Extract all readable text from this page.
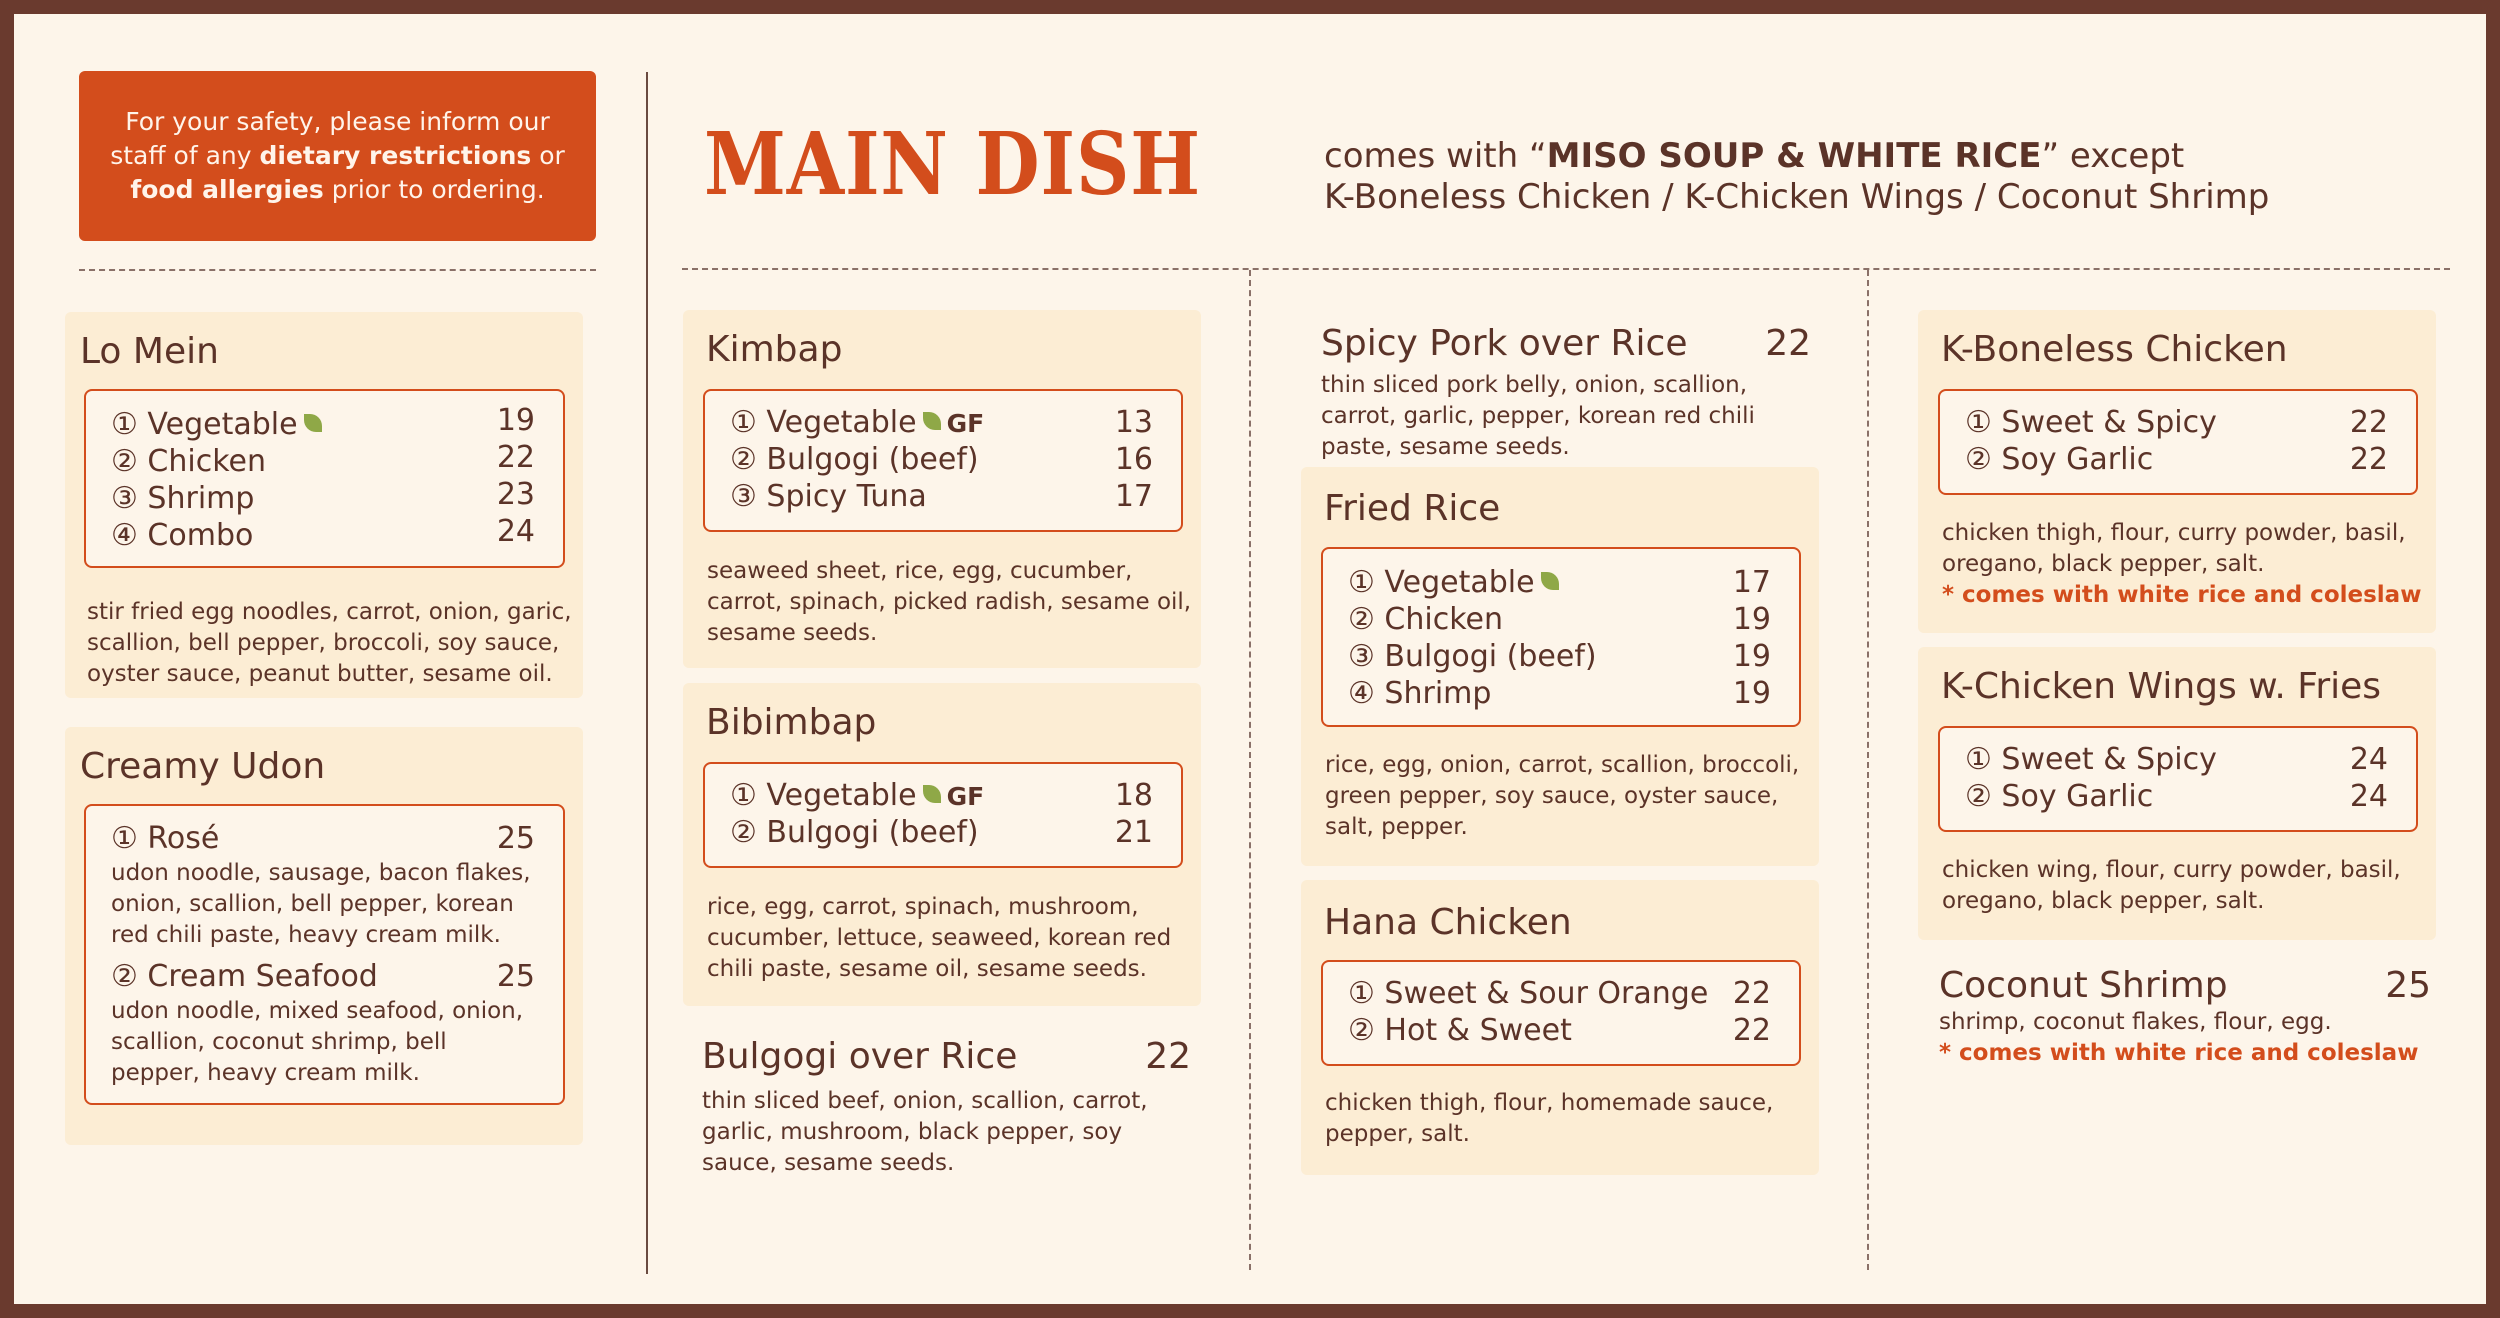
For your safety, please inform our
staff of any dietary restrictions or
food allergies prior to ordering. MAIN DISH	comes with “MISO SOUP & WHITE RICE” except
K-Boneless Chicken / K-Chicken Wings / Coconut Shrimp
Lo Mein
① Vegetable	19
② Chicken	22
③ Shrimp	23
④ Combo	24
stir fried egg noodles, carrot, onion, garic, scallion, bell pepper, broccoli, soy sauce, oyster sauce, peanut butter, sesame oil.
Creamy Udon
① Rosé	25
udon noodle, sausage, bacon flakes, onion, scallion, bell pepper, korean red chili paste, heavy cream milk.
② Cream Seafood	25
udon noodle, mixed seafood, onion, scallion, coconut shrimp, bell pepper, heavy cream milk.
Kimbap
① Vegetable GF	13
② Bulgogi (beef)	16
③ Spicy Tuna	17
seaweed sheet, rice, egg, cucumber, carrot, spinach, picked radish, sesame oil, sesame seeds.
Bibimbap
① Vegetable GF	18
② Bulgogi (beef)	21
rice, egg, carrot, spinach, mushroom, cucumber, lettuce, seaweed, korean red chili paste, sesame oil, sesame seeds.
Bulgogi over Rice	22
thin sliced beef, onion, scallion, carrot, garlic, mushroom, black pepper, soy sauce, sesame seeds.
Spicy Pork over Rice 22
thin sliced pork belly, onion, scallion, carrot, garlic, pepper, korean red chili paste, sesame seeds.
Fried Rice
① Vegetable	17
② Chicken	19
③ Bulgogi (beef)	19
④ Shrimp	19
rice, egg, onion, carrot, scallion, broccoli, green pepper, soy sauce, oyster sauce, salt, pepper.
Hana Chicken
① Sweet & Sour Orange 22
② Hot & Sweet	22
chicken thigh, flour, homemade sauce, pepper, salt.
K-Boneless Chicken
① Sweet & Spicy	22
② Soy Garlic	22
chicken thigh, flour, curry powder, basil, oregano, black pepper, salt.
* comes with white rice and coleslaw
K-Chicken Wings w. Fries
① Sweet & Spicy	24
② Soy Garlic	24
chicken wing, flour, curry powder, basil, oregano, black pepper, salt.
Coconut Shrimp	25
shrimp, coconut flakes, flour, egg.
* comes with white rice and coleslaw
